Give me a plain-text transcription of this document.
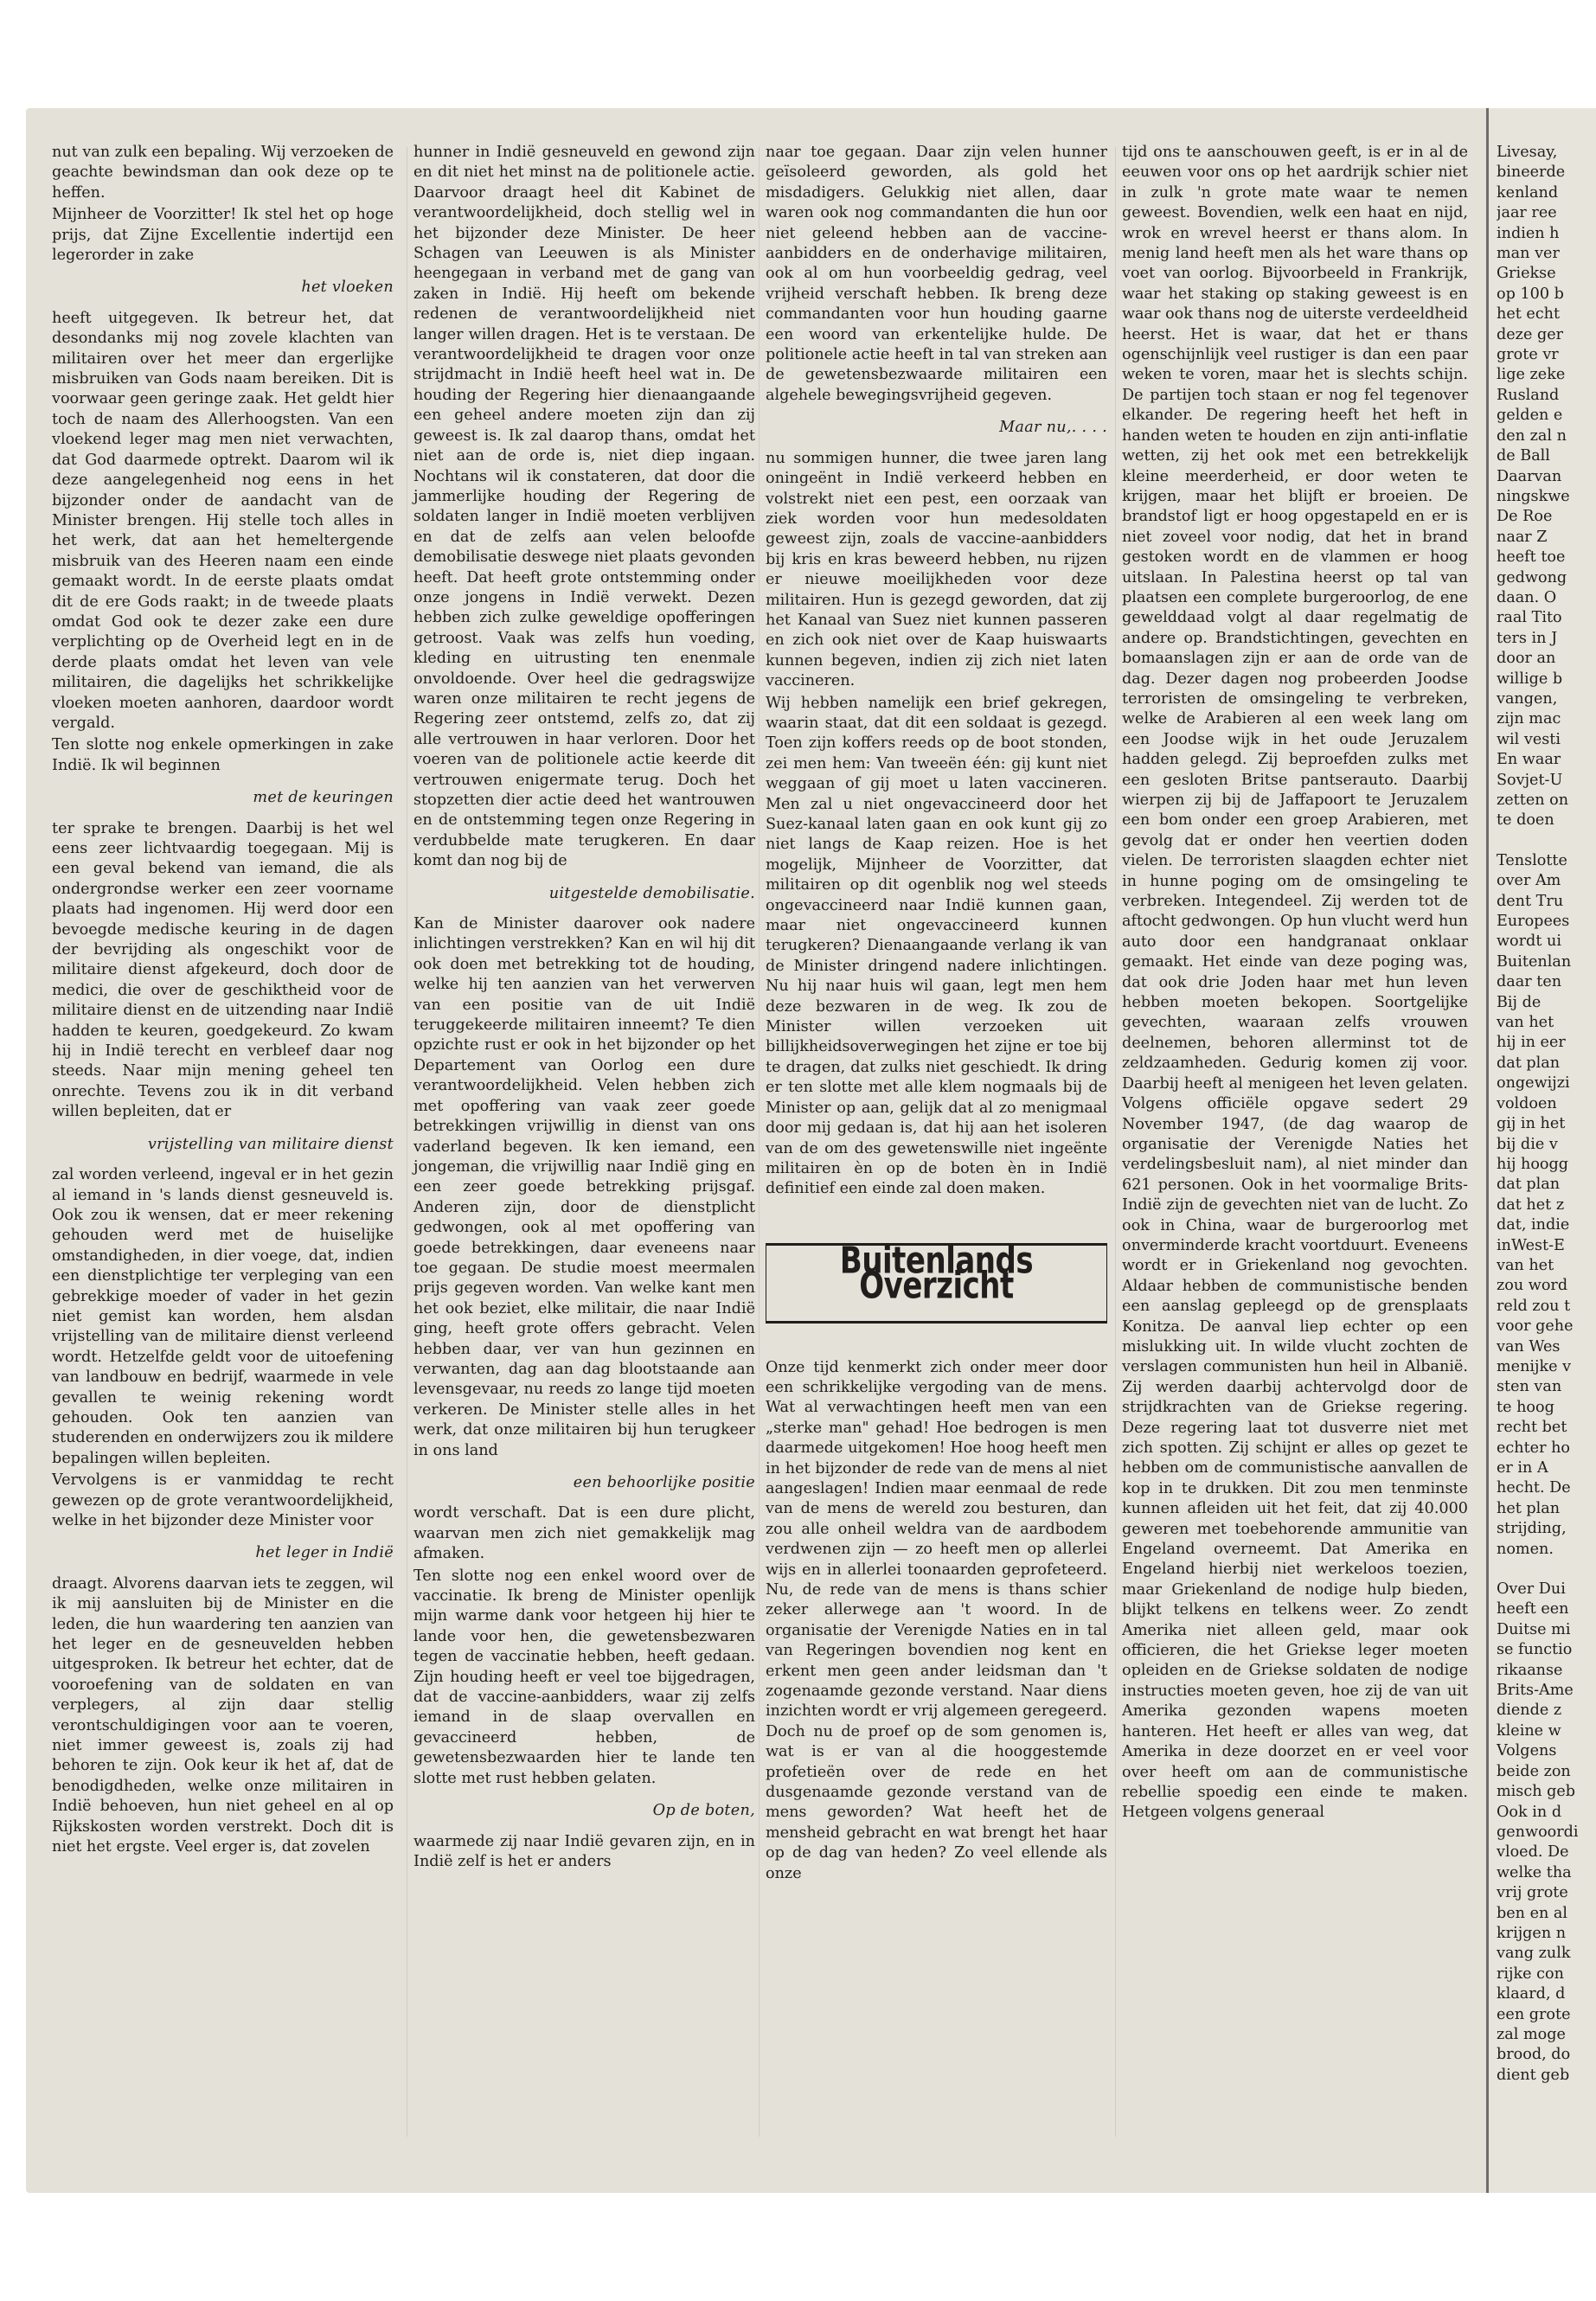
nut van zulk een bepaling. Wij verzoeken de geachte bewindsman dan ook deze op te heffen.

Mijnheer de Voorzitter! Ik stel het op hoge prijs, dat Zijne Excellentie indertijd een legerorder in zake

het vloeken

heeft uitgegeven. Ik betreur het, dat desondanks mij nog zovele klachten van militairen over het meer dan ergerlijke misbruiken van Gods naam bereiken. Dit is voorwaar geen geringe zaak. Het geldt hier toch de naam des Allerhoogsten. Van een vloekend leger mag men niet verwachten, dat God daarmede optrekt. Daarom wil ik deze aangelegenheid nog eens in het bijzonder onder de aandacht van de Minister brengen. Hij stelle toch alles in het werk, dat aan het hemeltergende misbruik van des Heeren naam een einde gemaakt wordt. In de eerste plaats omdat dit de ere Gods raakt; in de tweede plaats omdat God ook te dezer zake een dure verplichting op de Overheid legt en in de derde plaats omdat het leven van vele militairen, die dagelijks het schrikkelijke vloeken moeten aanhoren, daardoor wordt vergald.

Ten slotte nog enkele opmerkingen in zake Indië. Ik wil beginnen

met de keuringen

ter sprake te brengen. Daarbij is het wel eens zeer lichtvaardig toegegaan. Mij is een geval bekend van iemand, die als ondergrondse werker een zeer voorname plaats had ingenomen. Hij werd door een bevoegde medische keuring in de dagen der bevrijding als ongeschikt voor de militaire dienst afgekeurd, doch door de medici, die over de geschiktheid voor de militaire dienst en de uitzending naar Indië hadden te keuren, goedgekeurd. Zo kwam hij in Indië terecht en verbleef daar nog steeds. Naar mijn mening geheel ten onrechte. Tevens zou ik in dit verband willen bepleiten, dat er

vrijstelling van militaire dienst

zal worden verleend, ingeval er in het gezin al iemand in 's lands dienst gesneuveld is. Ook zou ik wensen, dat er meer rekening gehouden werd met de huiselijke omstandigheden, in dier voege, dat, indien een dienstplichtige ter verpleging van een gebrekkige moeder of vader in het gezin niet gemist kan worden, hem alsdan vrijstelling van de militaire dienst verleend wordt. Hetzelfde geldt voor de uitoefening van landbouw en bedrijf, waarmede in vele gevallen te weinig rekening wordt gehouden. Ook ten aanzien van studerenden en onderwijzers zou ik mildere bepalingen willen bepleiten.

Vervolgens is er vanmiddag te recht gewezen op de grote verantwoordelijkheid, welke in het bijzonder deze Minister voor

het leger in Indië

draagt. Alvorens daarvan iets te zeggen, wil ik mij aansluiten bij de Minister en die leden, die hun waardering ten aanzien van het leger en de gesneuvelden hebben uitgesproken. Ik betreur het echter, dat de vooroefening van de soldaten en van verplegers, al zijn daar stellig verontschuldigingen voor aan te voeren, niet immer geweest is, zoals zij had behoren te zijn. Ook keur ik het af, dat de benodigdheden, welke onze militairen in Indië behoeven, hun niet geheel en al op Rijkskosten worden verstrekt. Doch dit is niet het ergste. Veel erger is, dat zovelen

hunner in Indië gesneuveld en gewond zijn en dit niet het minst na de politionele actie. Daarvoor draagt heel dit Kabinet de verantwoordelijkheid, doch stellig wel in het bijzonder deze Minister. De heer Schagen van Leeuwen is als Minister heengegaan in verband met de gang van zaken in Indië. Hij heeft om bekende redenen de verantwoordelijkheid niet langer willen dragen. Het is te verstaan. De verantwoordelijkheid te dragen voor onze strijdmacht in Indië heeft heel wat in. De houding der Regering hier dienaangaande een geheel andere moeten zijn dan zij geweest is. Ik zal daarop thans, omdat het niet aan de orde is, niet diep ingaan. Nochtans wil ik constateren, dat door die jammerlijke houding der Regering de soldaten langer in Indië moeten verblijven en dat de zelfs aan velen beloofde demobilisatie deswege niet plaats gevonden heeft. Dat heeft grote ontstemming onder onze jongens in Indië verwekt. Dezen hebben zich zulke geweldige opofferingen getroost. Vaak was zelfs hun voeding, kleding en uitrusting ten enenmale onvoldoende. Over heel die gedragswijze waren onze militairen te recht jegens de Regering zeer ontstemd, zelfs zo, dat zij alle vertrouwen in haar verloren. Door het voeren van de politionele actie keerde dit vertrouwen enigermate terug. Doch het stopzetten dier actie deed het wantrouwen en de ontstemming tegen onze Regering in verdubbelde mate terugkeren. En daar komt dan nog bij de

uitgestelde demobilisatie.

Kan de Minister daarover ook nadere inlichtingen verstrekken? Kan en wil hij dit ook doen met betrekking tot de houding, welke hij ten aanzien van het verwerven van een positie van de uit Indië teruggekeerde militairen inneemt? Te dien opzichte rust er ook in het bijzonder op het Departement van Oorlog een dure verantwoordelijkheid. Velen hebben zich met opoffering van vaak zeer goede betrekkingen vrijwillig in dienst van ons vaderland begeven. Ik ken iemand, een jongeman, die vrijwillig naar Indië ging en een zeer goede betrekking prijsgaf. Anderen zijn, door de dienstplicht gedwongen, ook al met opoffering van goede betrekkingen, daar eveneens naar toe gegaan. De studie moest meermalen prijs gegeven worden. Van welke kant men het ook beziet, elke militair, die naar Indië ging, heeft grote offers gebracht. Velen hebben daar, ver van hun gezinnen en verwanten, dag aan dag blootstaande aan levensgevaar, nu reeds zo lange tijd moeten verkeren. De Minister stelle alles in het werk, dat onze militairen bij hun terugkeer in ons land

een behoorlijke positie

wordt verschaft. Dat is een dure plicht, waarvan men zich niet gemakkelijk mag afmaken.

Ten slotte nog een enkel woord over de vaccinatie. Ik breng de Minister openlijk mijn warme dank voor hetgeen hij hier te lande voor hen, die gewetensbezwaren tegen de vaccinatie hebben, heeft gedaan. Zijn houding heeft er veel toe bijgedragen, dat de vaccine-aanbidders, waar zij zelfs iemand in de slaap overvallen en gevaccineerd hebben, de gewetensbezwaarden hier te lande ten slotte met rust hebben gelaten.

Op de boten,

waarmede zij naar Indië gevaren zijn, en in Indië zelf is het er anders

naar toe gegaan. Daar zijn velen hunner geïsoleerd geworden, als gold het misdadigers. Gelukkig niet allen, daar waren ook nog commandanten die hun oor niet geleend hebben aan de vaccine-aanbidders en de onderhavige militairen, ook al om hun voorbeeldig gedrag, veel vrijheid verschaft hebben. Ik breng deze commandanten voor hun houding gaarne een woord van erkentelijke hulde. De politionele actie heeft in tal van streken aan de gewetensbezwaarde militairen een algehele bewegingsvrijheid gegeven.

Maar nu,. . . .

nu sommigen hunner, die twee jaren lang oningeënt in Indië verkeerd hebben en volstrekt niet een pest, een oorzaak van ziek worden voor hun medesoldaten geweest zijn, zoals de vaccine-aanbidders bij kris en kras beweerd hebben, nu rijzen er nieuwe moeilijkheden voor deze militairen. Hun is gezegd geworden, dat zij het Kanaal van Suez niet kunnen passeren en zich ook niet over de Kaap huiswaarts kunnen begeven, indien zij zich niet laten vaccineren.

Wij hebben namelijk een brief gekregen, waarin staat, dat dit een soldaat is gezegd. Toen zijn koffers reeds op de boot stonden, zei men hem: Van tweeën één: gij kunt niet weggaan of gij moet u laten vaccineren. Men zal u niet ongevaccineerd door het Suez-kanaal laten gaan en ook kunt gij zo niet langs de Kaap reizen. Hoe is het mogelijk, Mijnheer de Voorzitter, dat militairen op dit ogenblik nog wel steeds ongevaccineerd naar Indië kunnen gaan, maar niet ongevaccineerd kunnen terugkeren? Dienaangaande verlang ik van de Minister dringend nadere inlichtingen. Nu hij naar huis wil gaan, legt men hem deze bezwaren in de weg. Ik zou de Minister willen verzoeken uit billijkheidsoverwegingen het zijne er toe bij te dragen, dat zulks niet geschiedt. Ik dring er ten slotte met alle klem nogmaals bij de Minister op aan, gelijk dat al zo menigmaal door mij gedaan is, dat hij aan het isoleren van de om des gewetenswille niet ingeënte militairen èn op de boten èn in Indië definitief een einde zal doen maken.

Buitenlands Overzicht

Onze tijd kenmerkt zich onder meer door een schrikkelijke vergoding van de mens. Wat al verwachtingen heeft men van een „sterke man" gehad! Hoe bedrogen is men daarmede uitgekomen! Hoe hoog heeft men in het bijzonder de rede van de mens al niet aangeslagen! Indien maar eenmaal de rede van de mens de wereld zou besturen, dan zou alle onheil weldra van de aardbodem verdwenen zijn — zo heeft men op allerlei wijs en in allerlei toonaarden geprofeteerd. Nu, de rede van de mens is thans schier zeker allerwege aan 't woord. In de organisatie der Verenigde Naties en in tal van Regeringen bovendien nog kent en erkent men geen ander leidsman dan 't zogenaamde gezonde verstand. Naar diens inzichten wordt er vrij algemeen geregeerd. Doch nu de proef op de som genomen is, wat is er van al die hooggestemde profetieën over de rede en het dusgenaamde gezonde verstand van de mens geworden? Wat heeft het de mensheid gebracht en wat brengt het haar op de dag van heden? Zo veel ellende als onze

tijd ons te aanschouwen geeft, is er in al de eeuwen voor ons op het aardrijk schier niet in zulk 'n grote mate waar te nemen geweest. Bovendien, welk een haat en nijd, wrok en wrevel heerst er thans alom. In menig land heeft men als het ware thans op voet van oorlog. Bijvoorbeeld in Frankrijk, waar het staking op staking geweest is en waar ook thans nog de uiterste verdeeldheid heerst. Het is waar, dat het er thans ogenschijnlijk veel rustiger is dan een paar weken te voren, maar het is slechts schijn. De partijen toch staan er nog fel tegenover elkander. De regering heeft het heft in handen weten te houden en zijn anti-inflatie wetten, zij het ook met een betrekkelijk kleine meerderheid, er door weten te krijgen, maar het blijft er broeien. De brandstof ligt er hoog opgestapeld en er is niet zoveel voor nodig, dat het in brand gestoken wordt en de vlammen er hoog uitslaan. In Palestina heerst op tal van plaatsen een complete burgeroorlog, de ene gewelddaad volgt al daar regelmatig de andere op. Brandstichtingen, gevechten en bomaanslagen zijn er aan de orde van de dag. Dezer dagen nog probeerden Joodse terroristen de omsingeling te verbreken, welke de Arabieren al een week lang om een Joodse wijk in het oude Jeruzalem hadden gelegd. Zij beproefden zulks met een gesloten Britse pantserauto. Daarbij wierpen zij bij de Jaffapoort te Jeruzalem een bom onder een groep Arabieren, met gevolg dat er onder hen veertien doden vielen. De terroristen slaagden echter niet in hunne poging om de omsingeling te verbreken. Integendeel. Zij werden tot de aftocht gedwongen. Op hun vlucht werd hun auto door een handgranaat onklaar gemaakt. Het einde van deze poging was, dat ook drie Joden haar met hun leven hebben moeten bekopen. Soortgelijke gevechten, waaraan zelfs vrouwen deelnemen, behoren allerminst tot de zeldzaamheden. Gedurig komen zij voor. Daarbij heeft al menigeen het leven gelaten. Volgens officiële opgave sedert 29 November 1947, (de dag waarop de organisatie der Verenigde Naties het verdelingsbesluit nam), al niet minder dan 621 personen. Ook in het voormalige Brits-Indië zijn de gevechten niet van de lucht. Zo ook in China, waar de burgeroorlog met onverminderde kracht voortduurt. Eveneens wordt er in Griekenland nog gevochten. Aldaar hebben de communistische benden een aanslag gepleegd op de grensplaats Konitza. De aanval liep echter op een mislukking uit. In wilde vlucht zochten de verslagen communisten hun heil in Albanië. Zij werden daarbij achtervolgd door de strijdkrachten van de Griekse regering. Deze regering laat tot dusverre niet met zich spotten. Zij schijnt er alles op gezet te hebben om de communistische aanvallen de kop in te drukken. Dit zou men tenminste kunnen afleiden uit het feit, dat zij 40.000 geweren met toebehorende ammunitie van Engeland overneemt. Dat Amerika en Engeland hierbij niet werkeloos toezien, maar Griekenland de nodige hulp bieden, blijkt telkens en telkens weer. Zo zendt Amerika niet alleen geld, maar ook officieren, die het Griekse leger moeten opleiden en de Griekse soldaten de nodige instructies moeten geven, hoe zij de van uit Amerika gezonden wapens moeten hanteren. Het heeft er alles van weg, dat Amerika in deze doorzet en er veel voor over heeft om aan de communistische rebellie spoedig een einde te maken. Hetgeen volgens generaal

Livesay,

bineerde

kenland

jaar ree

indien h

man ver

Griekse

op 100 b

het echt

deze ger

grote vr

lige zeke

Rusland

gelden e

den zal n

de Ball

Daarvan

ningskwe

De Roe

naar Z

heeft toe

gedwong

daan. O

raal Tito

ters in J

door an

willige b

vangen,

zijn mac

wil vesti

En waar

Sovjet-U

zetten on

te doen

Tenslotte

over Am

dent Tru

Europees

wordt ui

Buitenlan

daar ten

Bij de

van het

hij in eer

dat plan

ongewijzi

voldoen

gij in het

bij die v

hij hoogg

dat plan

dat het z

dat, indie

inWest-E

van het

zou word

reld zou t

voor gehe

van Wes

menijke v

sten van

te hoog

recht bet

echter ho

er in A

hecht. De

het plan

strijding,

nomen.

Over Dui

heeft een

Duitse mi

se functio

rikaanse

Brits-Ame

diende z

kleine w

Volgens

beide zon

misch geb

Ook in d

genwoordi

vloed. De

welke tha

vrij grote

ben en al

krijgen n

vang zulk

rijke con

klaard, d

een grote

zal moge

brood, do

dient geb
